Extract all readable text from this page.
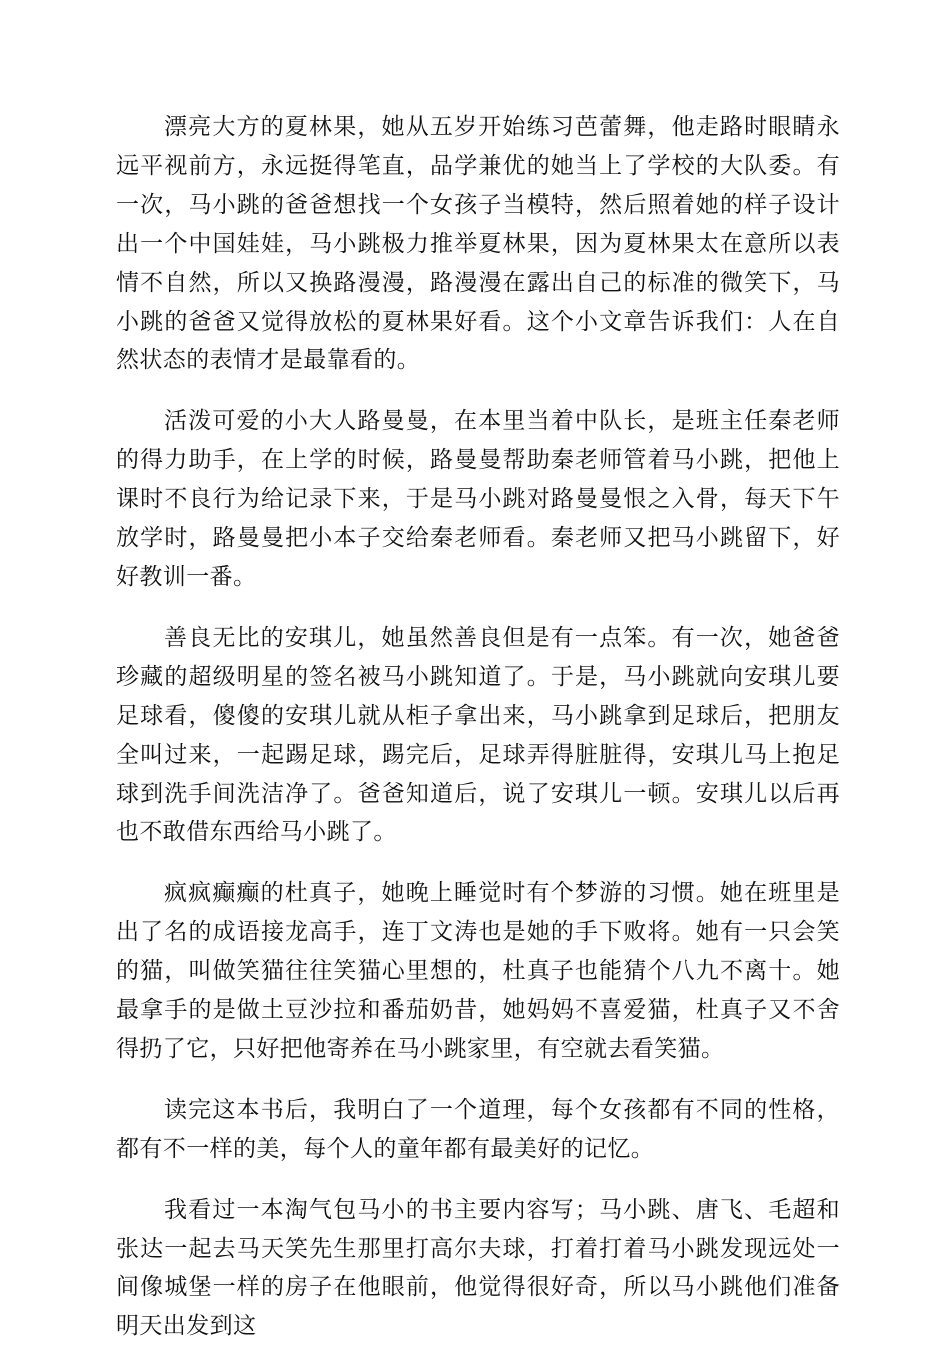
漂亮大方的夏林果，她从五岁开始练习芭蕾舞，他走路时眼睛永远平视前方，永远挺得笔直，品学兼优的她当上了学校的大队委。有一次，马小跳的爸爸想找一个女孩子当模特，然后照着她的样子设计出一个中国娃娃，马小跳极力推举夏林果，因为夏林果太在意所以表情不自然，所以又换路漫漫，路漫漫在露出自己的标准的微笑下，马小跳的爸爸又觉得放松的夏林果好看。这个小文章告诉我们：人在自然状态的表情才是最靠看的。

活泼可爱的小大人路曼曼，在本里当着中队长，是班主任秦老师的得力助手，在上学的时候，路曼曼帮助秦老师管着马小跳，把他上课时不良行为给记录下来，于是马小跳对路曼曼恨之入骨，每天下午放学时，路曼曼把小本子交给秦老师看。秦老师又把马小跳留下，好好教训一番。

善良无比的安琪儿，她虽然善良但是有一点笨。有一次，她爸爸珍藏的超级明星的签名被马小跳知道了。于是，马小跳就向安琪儿要足球看，傻傻的安琪儿就从柜子拿出来，马小跳拿到足球后，把朋友全叫过来，一起踢足球，踢完后，足球弄得脏脏得，安琪儿马上抱足球到洗手间洗洁净了。爸爸知道后，说了安琪儿一顿。安琪儿以后再也不敢借东西给马小跳了。

疯疯癫癫的杜真子，她晚上睡觉时有个梦游的习惯。她在班里是出了名的成语接龙高手，连丁文涛也是她的手下败将。她有一只会笑的猫，叫做笑猫往往笑猫心里想的，杜真子也能猜个八九不离十。她最拿手的是做土豆沙拉和番茄奶昔，她妈妈不喜爱猫，杜真子又不舍得扔了它，只好把他寄养在马小跳家里，有空就去看笑猫。

读完这本书后，我明白了一个道理，每个女孩都有不同的性格，都有不一样的美，每个人的童年都有最美好的记忆。

我看过一本淘气包马小的书主要内容写；马小跳、唐飞、毛超和张达一起去马天笑先生那里打高尔夫球，打着打着马小跳发现远处一间像城堡一样的房子在他眼前，他觉得很好奇，所以马小跳他们准备明天出发到这
